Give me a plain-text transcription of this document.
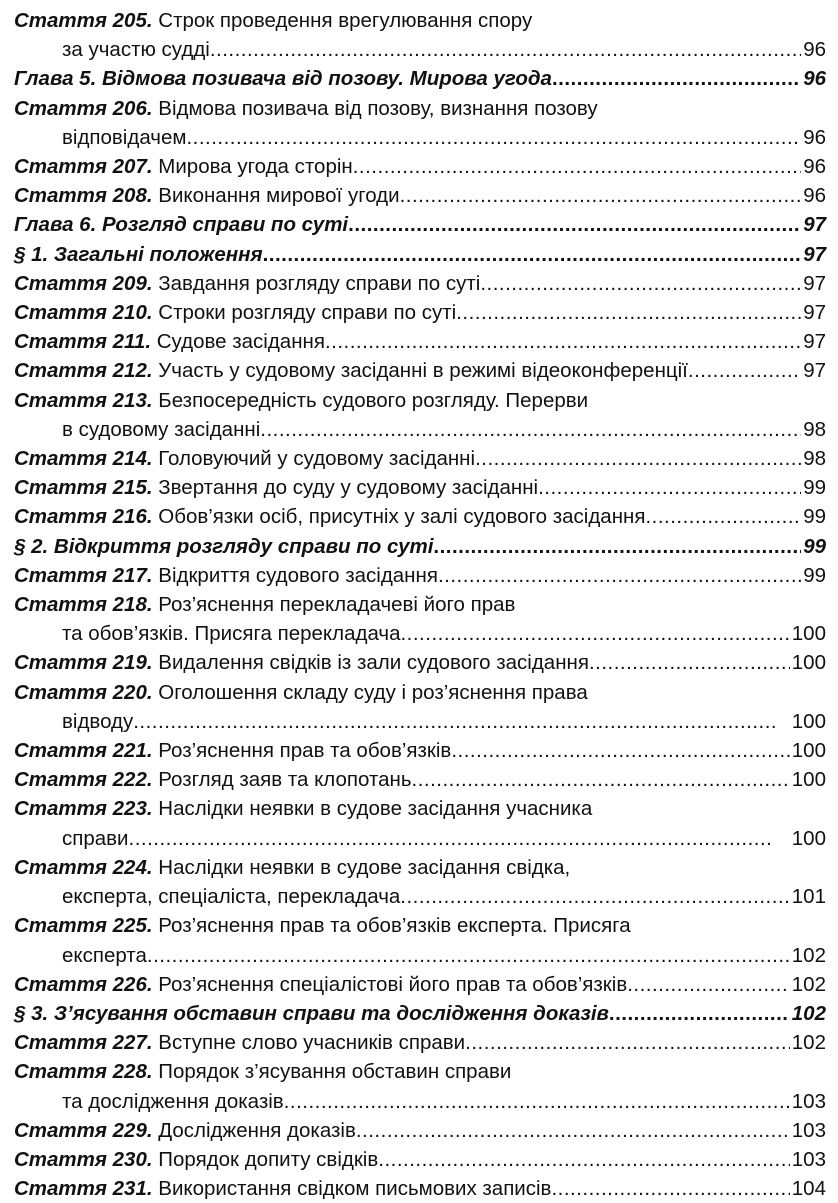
Стаття 205.
Строк проведення врегулювання спору
за участю судді . . .	96
Глава 5. Відмова позивача від позову. Мирова угода . . .	96
Стаття 206.
Відмова позивача від позову, визнання позову
відповідачем . . .	96
Стаття 207.
Мирова угода сторін . . .	96
Стаття 208.
Виконання мирової угоди . . .	96
Глава 6. Розгляд справи по суті . . .	97
§ 1. Загальні положення . . .	97
Стаття 209.
Завдання розгляду справи по суті . . .	97
Стаття 210.
Строки розгляду справи по суті . . .	97
Стаття 211.
Судове засідання . . .	97
Стаття 212.
Участь у судовому засіданні в режимі відеоконференції . . .	97
Стаття 213.
Безпосередність судового розгляду. Перерви
в судовому засіданні . . .	98
Стаття 214.
Головуючий у судовому засіданні . . .	98
Стаття 215.
Звертання до суду у судовому засіданні . . .	99
Стаття 216.
Обов’язки осіб, присутніх у залі судового засідання . . .	99
§ 2. Відкриття розгляду справи по суті . . .	99
Стаття 217.
Відкриття судового засідання . . .	99
Стаття 218.
Роз’яснення перекладачеві його прав
та обов’язків. Присяга перекладача . . .	100
Стаття 219.
Видалення свідків із зали судового засідання . . .	100
Стаття 220.
Оголошення складу суду і роз’яснення права
відводу . . .	100
Стаття 221.
Роз’яснення прав та обов’язків . . .	100
Стаття 222.
Розгляд заяв та клопотань . . .	100
Стаття 223.
Наслідки неявки в судове засідання учасника
справи . . .	100
Стаття 224.
Наслідки неявки в судове засідання свідка,
експерта, спеціаліста, перекладача . . .	101
Стаття 225.
Роз’яснення прав та обов’язків експерта. Присяга
експерта . . .	102
Стаття 226.
Роз’яснення спеціалістові його прав та обов’язків . . .	102
§ 3. З’ясування обставин справи та дослідження доказів . . .	102
Стаття 227.
Вступне слово учасників справи . . .	102
Стаття 228.
Порядок з’ясування обставин справи
та дослідження доказів . . .	103
Стаття 229.
Дослідження доказів . . .	103
Стаття 230.
Порядок допиту свідків . . .	103
Стаття 231.
Використання свідком письмових записів . . .	104
